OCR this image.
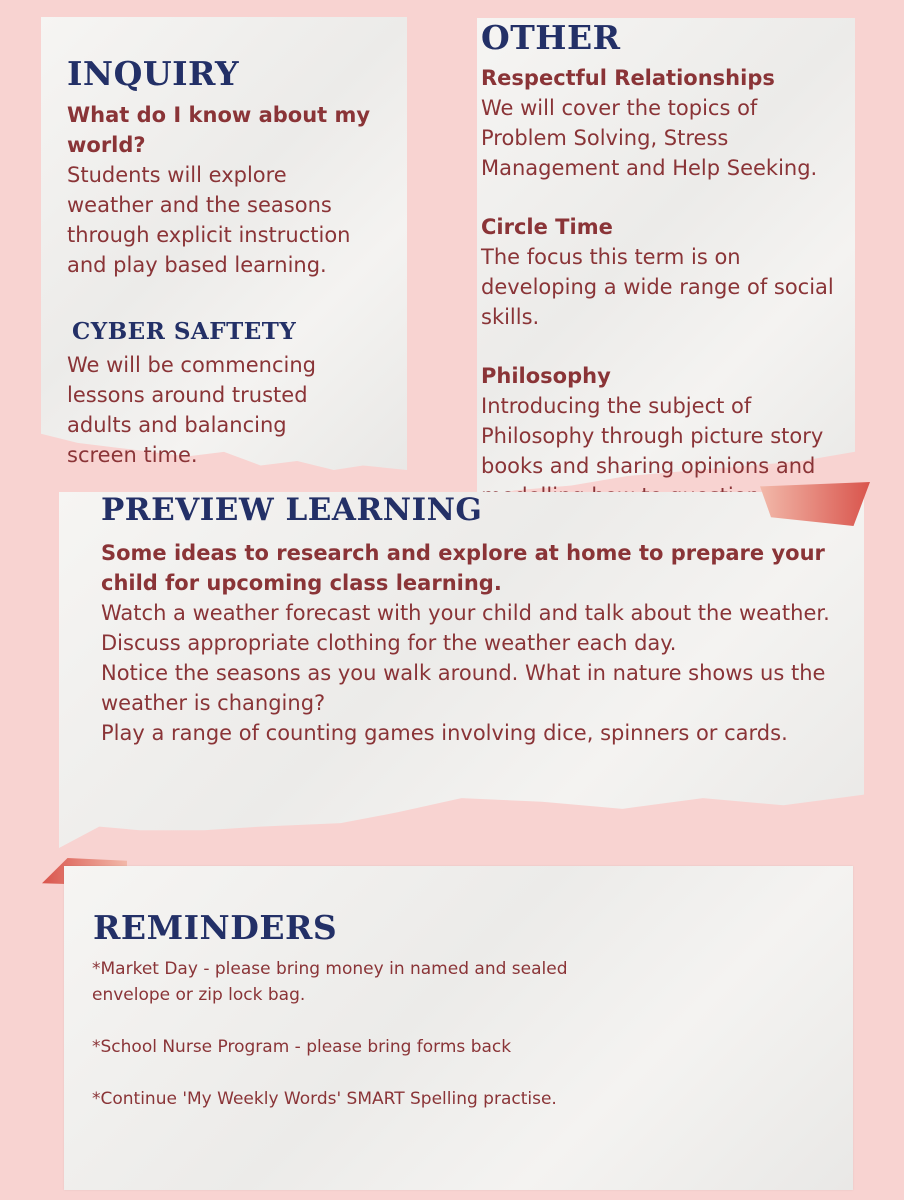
INQUIRY

What do I know about my world?

Students will explore weather and the seasons through explicit instruction and play based learning.

CYBER SAFTETY

We will be commencing lessons around trusted adults and balancing screen time.

OTHER

Respectful Relationships

We will cover the topics of Problem Solving, Stress Management and Help Seeking.

Circle Time

The focus this term is on developing a wide range of social skills.

Philosophy

Introducing the subject of Philosophy through picture story books and sharing opinions and

PREVIEW LEARNING

Some ideas to research and explore at home to prepare your child for upcoming class learning.

Watch a weather forecast with your child and talk about the weather.

Discuss appropriate clothing for the weather each day.

Notice the seasons as you walk around. What in nature shows us the weather is changing?

Play a range of counting games involving dice, spinners or cards.

REMINDERS

*Market Day - please bring money in named and sealed envelope or zip lock bag.

*School Nurse Program - please bring forms back

*Continue 'My Weekly Words' SMART Spelling practise.
